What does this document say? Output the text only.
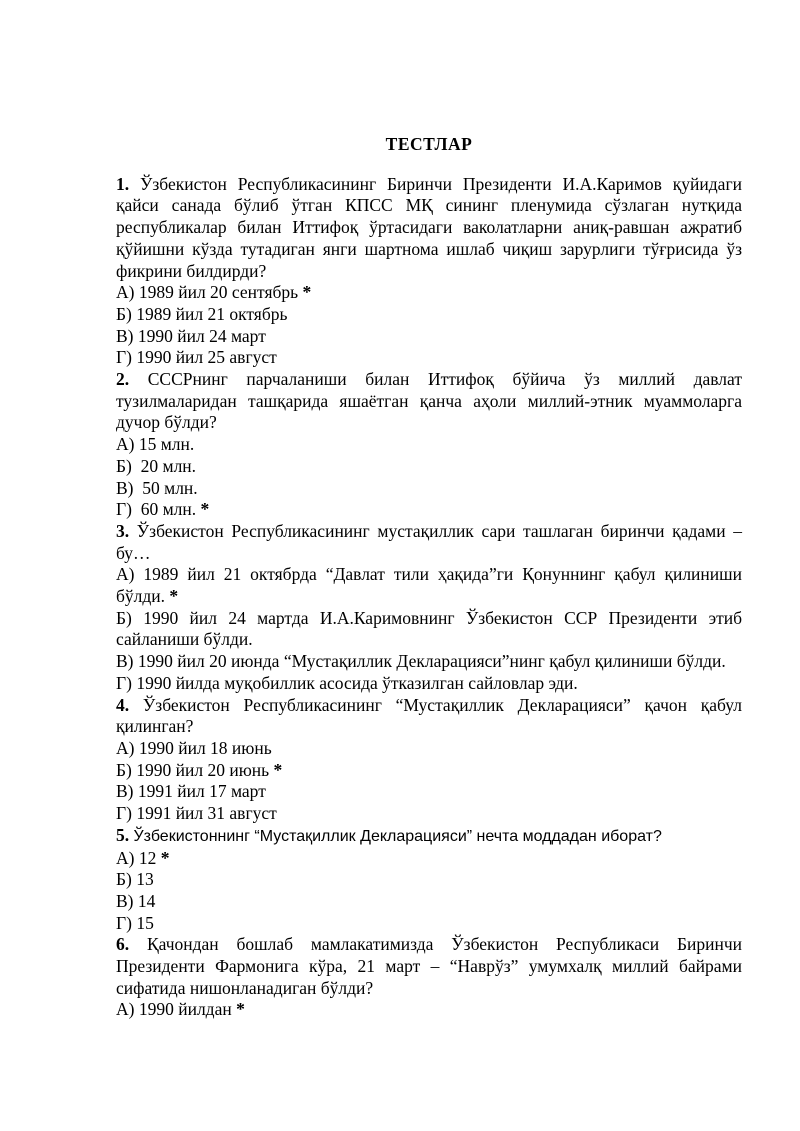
ТЕСТЛАР
1. Ўзбекистон Республикасининг Биринчи Президенти И.А.Каримов қуйидаги қайси санада бўлиб ўтган КПСС МҚ сининг пленумида сўзлаган нутқида республикалар билан Иттифоқ ўртасидаги ваколатларни аниқ-равшан ажратиб қўйишни кўзда тутадиган янги шартнома ишлаб чиқиш зарурлиги тўғрисида ўз фикрини билдирди?
А) 1989 йил 20 сентябрь *
Б) 1989 йил 21 октябрь
В) 1990 йил 24 март
Г) 1990 йил 25 август
2. СССРнинг парчаланиши билан Иттифоқ бўйича ўз миллий давлат тузилмаларидан ташқарида яшаётган қанча аҳоли миллий-этник муаммоларга дучор бўлди?
А) 15 млн.
Б)  20 млн.
В)  50 млн.
Г)  60 млн. *
3. Ўзбекистон Республикасининг мустақиллик сари ташлаган биринчи қадами – бу…
А) 1989 йил 21 октябрда “Давлат тили ҳақида”ги Қонуннинг қабул қилиниши бўлди. *
Б) 1990 йил 24 мартда И.А.Каримовнинг Ўзбекистон ССР Президенти этиб сайланиши бўлди.
В) 1990 йил 20 июнда “Мустақиллик Декларацияси”нинг қабул қилиниши бўлди.
Г) 1990 йилда муқобиллик асосида ўтказилган сайловлар эди.
4. Ўзбекистон Республикасининг “Мустақиллик Декларацияси” қачон қабул қилинган?
А) 1990 йил 18 июнь
Б) 1990 йил 20 июнь *
В) 1991 йил 17 март
Г) 1991 йил 31 август
5. Ўзбекистоннинг “Мустақиллик Декларацияси” нечта моддадан иборат?
А) 12 *
Б) 13
В) 14
Г) 15
6. Қачондан бошлаб мамлакатимизда Ўзбекистон Республикаси Биринчи Президенти Фармонига кўра, 21 март – “Наврўз” умумхалқ миллий байрами сифатида нишонланадиган бўлди?
А) 1990 йилдан *
